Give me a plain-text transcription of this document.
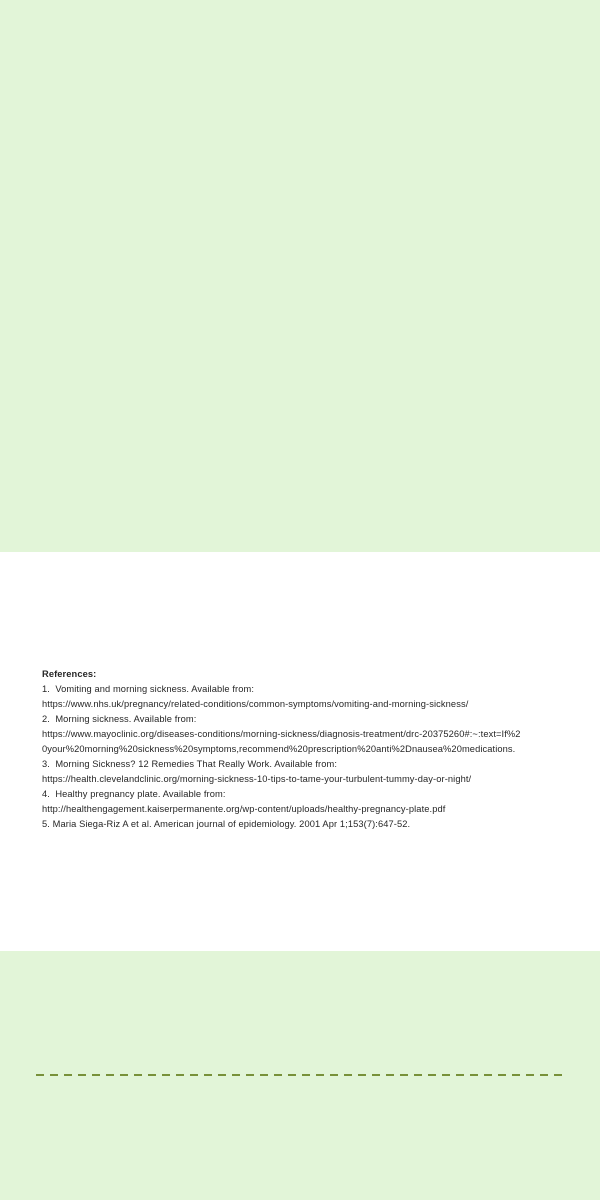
References:
1.  Vomiting and morning sickness. Available from:
https://www.nhs.uk/pregnancy/related-conditions/common-symptoms/vomiting-and-morning-sickness/
2.  Morning sickness. Available from:
https://www.mayoclinic.org/diseases-conditions/morning-sickness/diagnosis-treatment/drc-20375260#:~:text=If%2
0your%20morning%20sickness%20symptoms,recommend%20prescription%20anti%2Dnausea%20medications.
3.  Morning Sickness? 12 Remedies That Really Work. Available from:
https://health.clevelandclinic.org/morning-sickness-10-tips-to-tame-your-turbulent-tummy-day-or-night/
4.  Healthy pregnancy plate. Available from:
http://healthengagement.kaiserpermanente.org/wp-content/uploads/healthy-pregnancy-plate.pdf
5. Maria Siega-Riz A et al. American journal of epidemiology. 2001 Apr 1;153(7):647-52.
